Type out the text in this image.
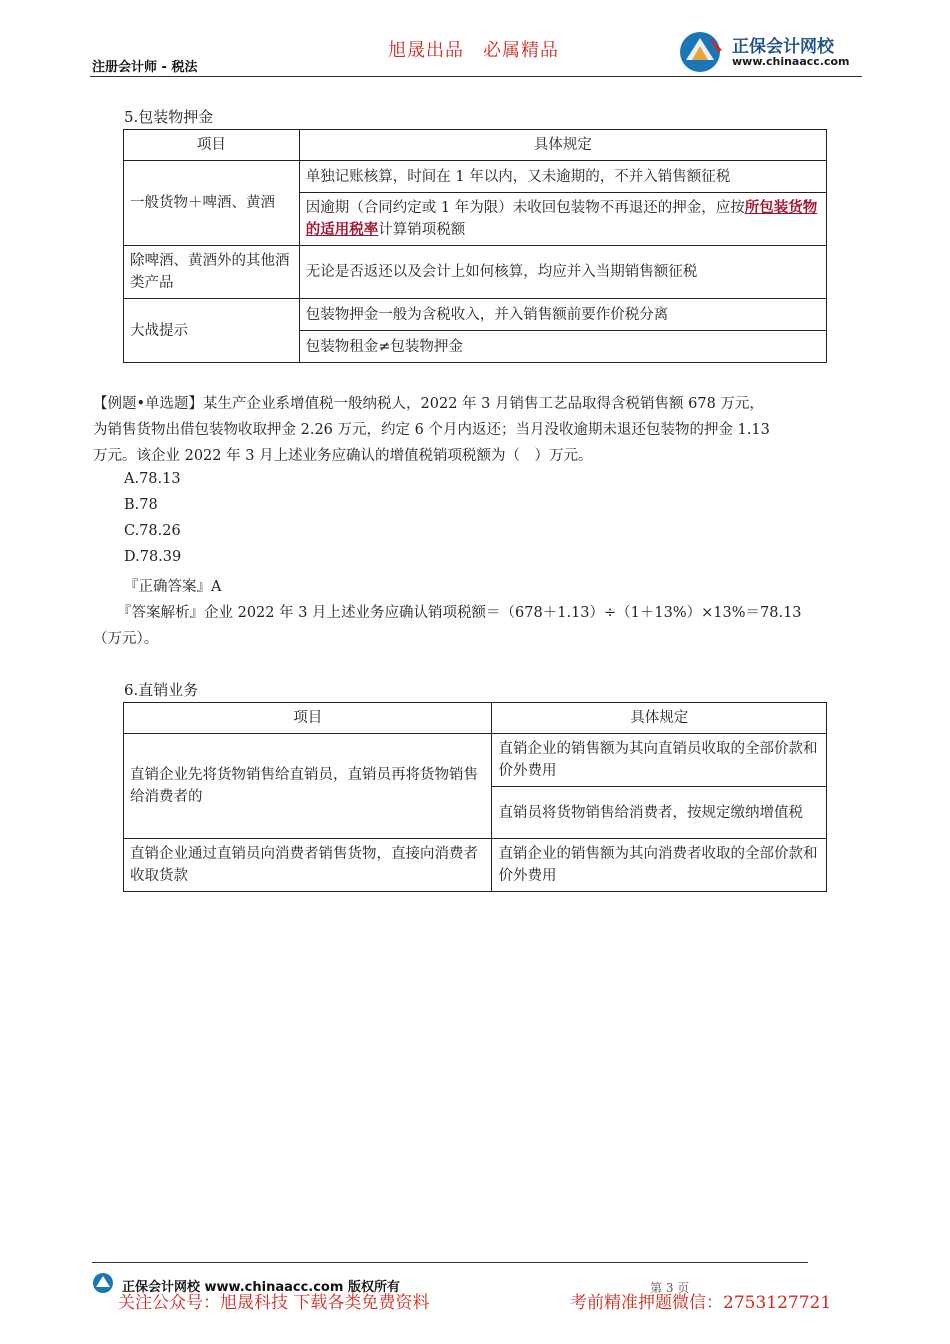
注册会计师 - 税法
旭晟出品　必属精品	正保会计网校
www.chinaacc.com
5.包装物押金
项目	具体规定
一般货物＋啤酒、黄酒	单独记账核算，时间在 1 年以内，又未逾期的，不并入销售额征税
	因逾期（合同约定或 1 年为限）未收回包装物不再退还的押金，应按所包装货物的适用税率计算销项税额
除啤酒、黄酒外的其他酒类产品	无论是否返还以及会计上如何核算，均应并入当期销售额征税
大战提示	包装物押金一般为含税收入，并入销售额前要作价税分离
	包装物租金≠包装物押金
【例题•单选题】某生产企业系增值税一般纳税人，2022 年 3 月销售工艺品取得含税销售额 678 万元，
为销售货物出借包装物收取押金 2.26 万元，约定 6 个月内返还；当月没收逾期未退还包装物的押金 1.13
万元。该企业 2022 年 3 月上述业务应确认的增值税销项税额为（　）万元。
A.78.13
B.78
C.78.26
D.78.39
『正确答案』A
『答案解析』企业 2022 年 3 月上述业务应确认销项税额＝（678＋1.13）÷（1＋13%）×13%＝78.13
（万元）。
6.直销业务
项目	具体规定
直销企业先将货物销售给直销员，直销员再将货物销售给消费者的	直销企业的销售额为其向直销员收取的全部价款和价外费用
	直销员将货物销售给消费者，按规定缴纳增值税
直销企业通过直销员向消费者销售货物，直接向消费者收取货款	直销企业的销售额为其向消费者收取的全部价款和价外费用
正保会计网校 www.chinaacc.com 版权所有	第 3 页
关注公众号：旭晟科技 下载各类免费资料	考前精准押题微信：2753127721
